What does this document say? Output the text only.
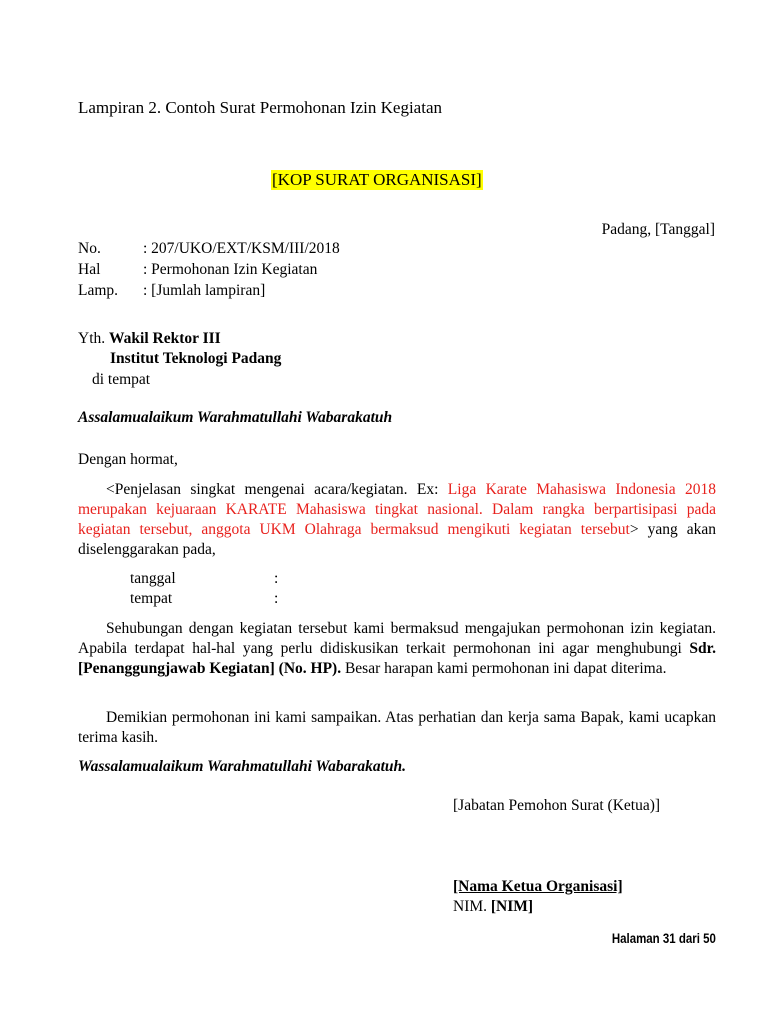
Lampiran 2. Contoh Surat Permohonan Izin Kegiatan
[KOP SURAT ORGANISASI]
Padang, [Tanggal]
No.	: 207/UKO/EXT/KSM/III/2018
Hal	: Permohonan Izin Kegiatan
Lamp. : [Jumlah lampiran]
Yth. Wakil Rektor III
Institut Teknologi Padang
di tempat
Assalamualaikum Warahmatullahi Wabarakatuh
Dengan hormat,
<Penjelasan singkat mengenai acara/kegiatan. Ex: Liga Karate Mahasiswa Indonesia 2018 merupakan kejuaraan KARATE Mahasiswa tingkat nasional. Dalam rangka berpartisipasi pada kegiatan tersebut, anggota UKM Olahraga bermaksud mengikuti kegiatan tersebut> yang akan diselenggarakan pada,
tanggal	:
tempat	:
Sehubungan dengan kegiatan tersebut kami bermaksud mengajukan permohonan izin kegiatan. Apabila terdapat hal-hal yang perlu didiskusikan terkait permohonan ini agar menghubungi Sdr. [Penanggungjawab Kegiatan] (No. HP). Besar harapan kami permohonan ini dapat diterima.
Demikian permohonan ini kami sampaikan. Atas perhatian dan kerja sama Bapak, kami ucapkan terima kasih.
Wassalamualaikum Warahmatullahi Wabarakatuh.
[Jabatan Pemohon Surat (Ketua)]
[Nama Ketua Organisasi]
NIM. [NIM]
Halaman 31 dari 50
